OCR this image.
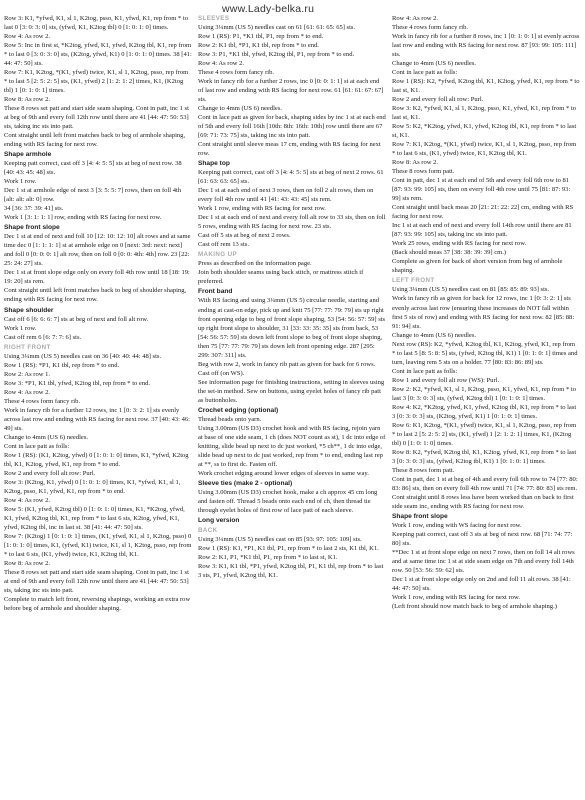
www.Lady-belka.ru
Row 3: K1, *yfwd, K1, sl 1, K2tog, psso, K1, yfwd, K1, rep from * to last 0 [3: 0: 3: 0] sts, (yfwd, K1, K2tog tbl) 0 [1: 0: 1: 0] times.
Row 4: As row 2.
Row 5: Inc in first st, *K2tog, yfwd, K1, yfwd, K2tog tbl, K1, rep from * to last 0 [3: 0: 3: 0] sts, (K2tog, yfwd, K1) 0 [1: 0: 1: 0] times. 38 [41: 44: 47: 50] sts.
Row 7: K1, K2tog, *(K1, yfwd) twice, K1, sl 1, K2tog, psso, rep from * to last 5 [2: 5: 2: 5] sts, (K1, yfwd) 2 [1: 2: 1: 2] times, K1, (K2tog tbl) 1 [0: 1: 0: 1] times.
Row 8: As row 2.
These 8 rows set patt and start side seam shaping. Cont in patt, inc 1 st at beg of 9th and every foll 12th row until there are 41 [44: 47: 50: 53] sts, taking inc sts into patt.
Cont straight until left front matches back to beg of armhole shaping, ending with RS facing for next row.
Shape armhole
Keeping patt correct, cast off 3 [4: 4: 5: 5] sts at beg of next row. 38 [40: 43: 45: 48] sts.
Work 1 row.
Dec 1 st at armhole edge of next 3 [3: 5: 5: 7] rows, then on foll 4th [alt: alt: alt: 0] row.
34 [36: 37: 39: 41] sts.
Work 1 [3: 1: 1: 1] row, ending with RS facing for next row.
Shape front slope
Dec 1 st at end of next and foll 10 [12: 10: 12: 10] alt rows and at same time dec 0 [1: 1: 1: 1] st at armhole edge on 0 [next: 3rd: next: next] and foll 0 [0: 0: 0: 1] alt row, then on foll 0 [0: 0: 4th: 4th] row. 23 [22: 25: 24: 27] sts.
Dec 1 st at front slope edge only on every foll 4th row until 18 [18: 19: 19: 20] sts rem.
Cont straight until left front matches back to beg of shoulder shaping, ending with RS facing for next row.
Shape shoulder
Cast off 6 [6: 6: 6: 7] sts at beg of next and foll alt row.
Work 1 row.
Cast off rem 6 [6: 7: 7: 6] sts.
RIGHT FRONT
Using 3¼mm (US 5) needles cast on 36 [40: 40: 44: 48] sts.
Row 1 (RS): *P1, K1 tbl, rep from * to end.
Row 2: As row 1.
Row 3: *P1, K1 tbl, yfwd, K2tog tbl, rep from * to end.
Row 4: As row 2.
These 4 rows form fancy rib.
Work in fancy rib for a further 12 rows, inc 1 [0: 3: 2: 1] sts evenly across last row and ending with RS facing for next row. 37 [40: 43: 46: 49] sts.
Change to 4mm (US 6) needles.
Cont in lace patt as folls:
Row 1 (RS): (K1, K2tog, yfwd) 0 [1: 0: 1: 0] times, K1, *yfwd, K2tog tbl, K1, K2tog, yfwd, K1, rep from * to end.
Row 2 and every foll alt row: Purl.
Row 3: (K2tog, K1, yfwd) 0 [1: 0: 1: 0] times, K1, *yfwd, K1, sl 1, K2tog, psso, K1, yfwd, K1, rep from * to end.
Row 4: As row 2.
Row 5: (K1, yfwd, K2tog tbl) 0 [1: 0: 1: 0] times, K1, *K2tog, yfwd, K1, yfwd, K2tog tbl, K1, rep from * to last 6 sts, K2tog, yfwd, K1, yfwd, K2tog tbl, inc in last st. 38 [41: 44: 47: 50] sts.
Row 7: (K2tog) 1 [0: 1: 0: 1] times, (K1, yfwd, K1, sl 1, K2tog, psso) 0 [1: 0: 1: 0] times, K1, (yfwd, K1) twice, K1, sl 1, K2tog, psso, rep from * to last 6 sts, (K1, yfwd) twice, K1, K2tog tbl, K1.
Row 8: As row 2.
These 8 rows set patt and start side seam shaping. Cont in patt, inc 1 st at end of 9th and every foll 12th row until there are 41 [44: 47: 50: 53] sts, taking inc sts into patt.
Complete to match left front, reversing shapings, working an extra row before beg of armhole and shoulder shaping.
SLEEVES
Using 3¼mm (US 5) needles cast on 61 [61: 61: 65: 65] sts.
Row 1 (RS): P1, *K1 tbl, P1, rep from * to end.
Row 2: K1 tbl, *P1, K1 tbl, rep from * to end.
Row 3: P1, *K1 tbl, yfwd, K2tog tbl, P1, rep from * to end.
Row 4: As row 2.
These 4 rows form fancy rib.
Work in fancy rib for a further 2 rows, inc 0 [0: 0: 1: 1] st at each end of last row and ending with RS facing for next row. 61 [61: 61: 67: 67] sts.
Change to 4mm (US 6) needles.
Cont in lace patt as given for back, shaping sides by inc 1 st at each end of 5th and every foll 16th [10th: 8th: 16th: 10th] row until there are 67 [69: 71: 73: 75] sts, taking inc sts into patt.
Cont straight until sleeve meas 17 cm, ending with RS facing for next row.
Shape top
Keeping patt correct, cast off 3 [4: 4: 5: 5] sts at beg of next 2 rows. 61 [61: 63: 63: 65] sts.
Dec 1 st at each end of next 3 rows, then on foll 2 alt rows, then on every foll 4th row until 41 [41: 43: 43: 45] sts rem.
Work 1 row, ending with RS facing for next row.
Dec 1 st at each end of next and every foll alt row to 33 sts, then on foll 5 rows, ending with RS facing for next row. 23 sts.
Cast off 5 sts at beg of next 2 rows.
Cast off rem 13 sts.
MAKING UP
Press as described on the information page.
Join both shoulder seams using back stitch, or mattress stitch if preferred.
Front band
With RS facing and using 3¼mm (US 5) circular needle, starting and ending at cast-on edge, pick up and knit 75 [77: 77: 79: 79] sts up right front opening edge to beg of front slope shaping, 53 [54: 56: 57: 59] sts up right front slope to shoulder, 31 [33: 33: 35: 35] sts from back, 53 [54: 56: 57: 59] sts down left front slope to beg of front slope shaping, then 75 [77: 77: 79: 79] sts down left front opening edge. 287 [295: 299: 307: 311] sts.
Beg with row 2, work in fancy rib patt as given for back for 6 rows.
Cast off (on WS).
See information page for finishing instructions, setting in sleeves using the set-in method. Sew on buttons, using eyelet holes of fancy rib patt as buttonholes.
Crochet edging (optional)
Thread beads onto yarn.
Using 3.00mm (US D3) crochet hook and with RS facing, rejoin yarn at base of one side seam, 1 ch (does NOT count as st), 1 dc into edge of knitting, slide bead up next to dc just worked, *5 ch**, 1 dc into edge, slide bead up next to dc just worked, rep from * to end, ending last rep at **, ss to first dc. Fasten off.
Work crochet edging around lower edges of sleeves in same way.
Sleeve ties (make 2 - optional)
Using 3.00mm (US D3) crochet hook, make a ch approx 45 cm long and fasten off. Thread 5 beads onto each end of ch, then thread tie through eyelet holes of first row of lace patt of each sleeve.
Long version
BACK
Using 3¼mm (US 5) needles cast on 85 [93: 97: 105: 109] sts.
Row 1 (RS): K1, *P1, K1 tbl, P1, rep from * to last 2 sts, K1 tbl, K1.
Row 2: K1, P1, *K1 tbl, P1, rep from * to last st, K1.
Row 3: K1, K1 tbl, *P1, yfwd, K2tog tbl, P1, K1 tbl, rep from * to last 3 sts, P1, yfwd, K2tog tbl, K1.
Row 4: As row 2.
These 4 rows form fancy rib.
Work in fancy rib for a further 8 rows, inc 1 [0: 1: 0: 1] st evenly across last row and ending with RS facing for next row. 87 [93: 99: 105: 111] sts.
Change to 4mm (US 6) needles.
Cont in lace patt as folls:
Row 1 (RS): K2, *yfwd, K2tog tbl, K1, K2tog, yfwd, K1, rep from * to last st, K1.
Row 2 and every foll alt row: Purl.
Row 3: K2, *yfwd, K1, sl 1, K2tog, psso, K1, yfwd, K1, rep from * to last st, K1.
Row 5: K2, *K2tog, yfwd, K1, yfwd, K2tog tbl, K1, rep from * to last st, K1.
Row 7: K1, K2tog, *(K1, yfwd) twice, K1, sl 1, K2tog, psso, rep from * to last 6 sts, (K1, yfwd) twice, K1, K2tog tbl, K1.
Row 8: As row 2.
These 8 rows form patt.
Cont in patt, dec 1 st at each end of 5th and every foll 6th row to 81 [87: 93: 99: 105] sts, then on every foll 4th row until 75 [81: 87: 93: 99] sts rem.
Cont straight until back meas 20 [21: 21: 22: 22] cm, ending with RS facing for next row.
Inc 1 st at each end of next and every foll 14th row until there are 81 [87: 93: 99: 105] sts, taking inc sts into patt.
Work 25 rows, ending with RS facing for next row.
(Back should meas 37 [38: 38: 39: 39] cm.)
Complete as given for back of short version from beg of armhole shaping.
LEFT FRONT
Using 3¼mm (US 5) needles cast on 81 [85: 85: 89: 93] sts.
Work in fancy rib as given for back for 12 rows, inc 1 [0: 3: 2: 1] sts evenly across last row (ensuring these increases do NOT fall within first 5 sts of row) and ending with RS facing for next row. 82 [85: 88: 91: 94] sts.
Change to 4mm (US 6) needles.
Next row (RS): K2, *yfwd, K2tog tbl, K1, K2tog, yfwd, K1, rep from * to last 5 [8: 5: 8: 5] sts, (yfwd, K2tog tbl, K1) 1 [0: 1: 0: 1] times and turn, leaving rem 5 sts on a holder. 77 [80: 83: 86: 89] sts.
Cont in lace patt as folls:
Row 1 and every foll alt row (WS): Purl.
Row 2: K2, *yfwd, K1, sl 1, K2tog, psso, K1, yfwd, K1, rep from * to last 3 [0: 3: 0: 3] sts, (yfwd, K2tog tbl) 1 [0: 1: 0: 1] times.
Row 4: K2, *K2tog, yfwd, K1, yfwd, K2tog tbl, K1, rep from * to last 3 [0: 3: 0: 3] sts, (K2tog, yfwd, K1) 1 [0: 1: 0: 1] times.
Row 6: K1, K2tog, *(K1, yfwd) twice, K1, sl 1, K2tog, psso, rep from * to last 2 [5: 2: 5: 2] sts, (K1, yfwd) 1 [2: 1: 2: 1] times, K1, (K2tog tbl) 0 [1: 0: 1: 0] times.
Row 8: K2, *yfwd, K2tog tbl, K1, K2tog, yfwd, K1, rep from * to last 3 [0: 3: 0: 3] sts, (yfwd, K2tog tbl, K1) 1 [0: 1: 0: 1] times.
These 8 rows form patt.
Cont in patt, dec 1 st at beg of 4th and every foll 6th row to 74 [77: 80: 83: 86] sts, then on every foll 4th row until 71 [74: 77: 80: 83] sts rem.
Cont straight until 8 rows less have been worked than on back to first side seam inc, ending with RS facing for next row.
Shape front slope
Work 1 row, ending with WS facing for next row.
Keeping patt correct, cast off 3 sts at beg of next row. 68 [71: 74: 77: 80] sts.
**Dec 1 st at front slope edge on next 7 rows, then on foll 14 alt rows and at same time inc 1 st at side seam edge on 7th and every foll 14th row. 50 [53: 56: 59: 62] sts.
Dec 1 st at front slope edge only on 2nd and foll 11 alt rows. 38 [41: 44: 47: 50] sts.
Work 1 row, ending with RS facing for next row.
(Left front should now match back to beg of armhole shaping.)
